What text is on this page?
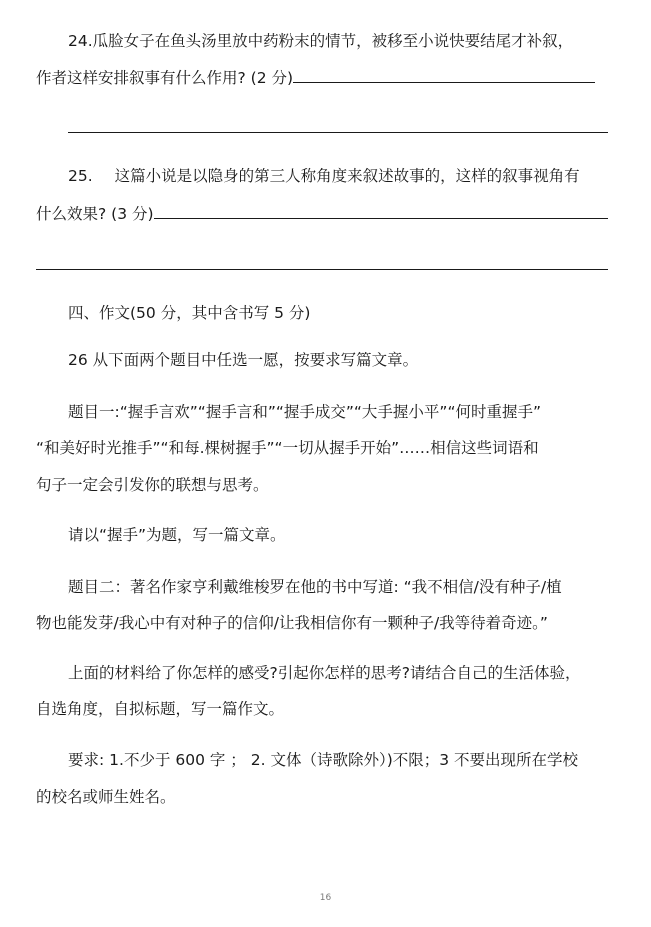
24.瓜脸女子在鱼头汤里放中药粉末的情节，被移至小说快要结尾才补叙，
作者这样安排叙事有什么作用? (2 分)
25. 这篇小说是以隐身的第三人称角度来叙述故事的，这样的叙事视角有
什么效果? (3 分)
四、作文(50 分，其中含书写 5 分)
26 从下面两个题目中任选一愿，按要求写篇文章。
题目一:“握手言欢”“握手言和”“握手成交”“大手握小平”“何时重握手”
“和美好时光推手”“和每.棵树握手”“一切从握手开始”……相信这些词语和
句子一定会引发你的联想与思考。
请以“握手”为题，写一篇文章。
题目二：著名作家亨利戴维梭罗在他的书中写道: “我不相信/没有种子/植
物也能发芽/我心中有对种子的信仰/让我相信你有一颗种子/我等待着奇迹。”
上面的材料给了你怎样的感受?引起你怎样的思考?请结合自己的生活体验，
自选角度，自拟标题，写一篇作文。
要求: 1.不少于 600 字 ； 2. 文体（诗歌除外）)不限；3 不要出现所在学校
的校名或师生姓名。
16
